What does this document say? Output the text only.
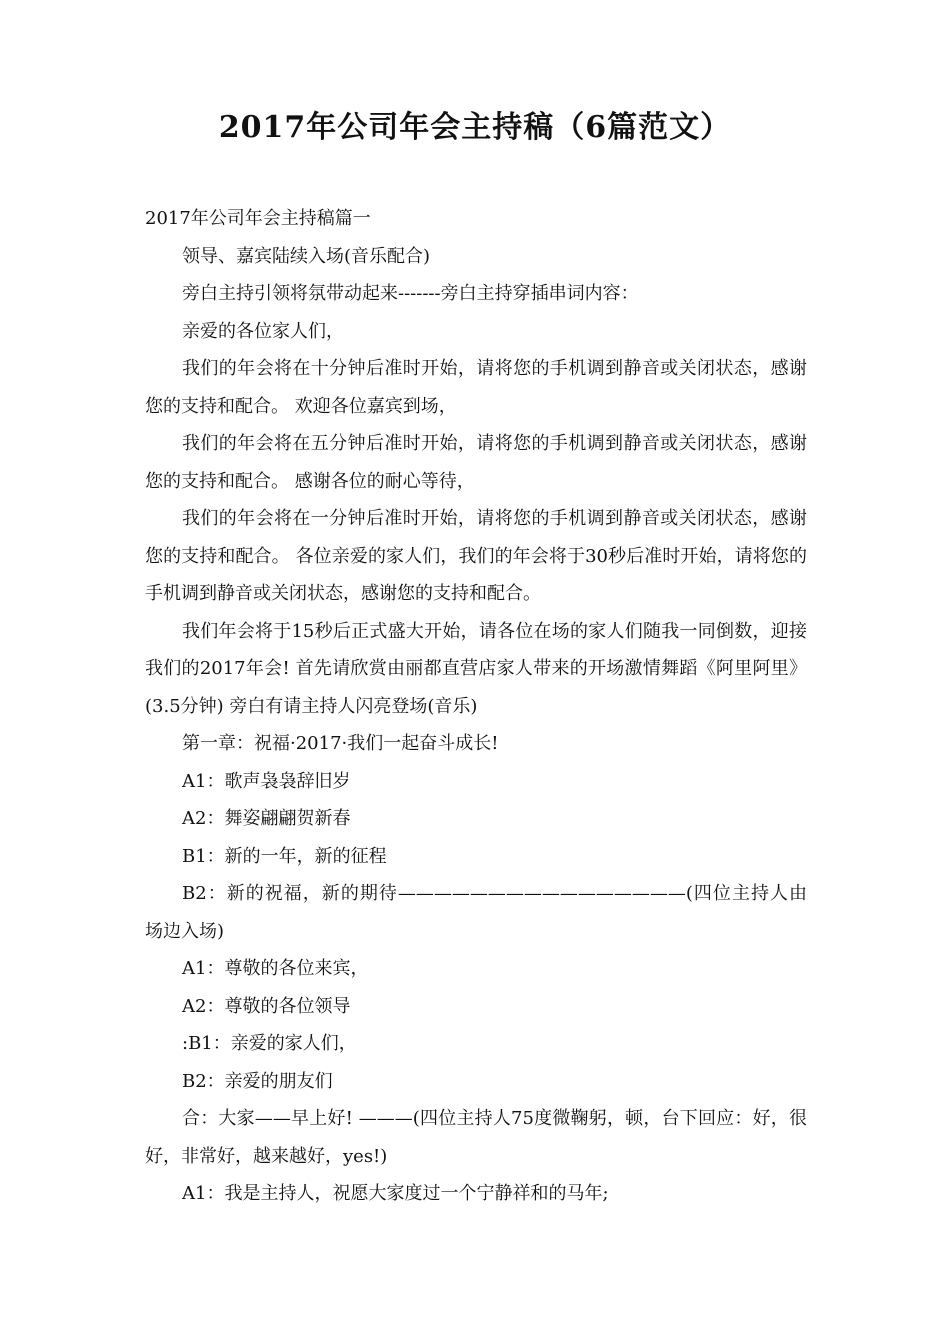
2017年公司年会主持稿（6篇范文）

2017年公司年会主持稿篇一

领导、嘉宾陆续入场(音乐配合)

旁白主持引领将氛带动起来-------旁白主持穿插串词内容：

亲爱的各位家人们，

我们的年会将在十分钟后准时开始，请将您的手机调到静音或关闭状态，感谢您的支持和配合。 欢迎各位嘉宾到场，

我们的年会将在五分钟后准时开始，请将您的手机调到静音或关闭状态，感谢您的支持和配合。 感谢各位的耐心等待，

我们的年会将在一分钟后准时开始，请将您的手机调到静音或关闭状态，感谢您的支持和配合。 各位亲爱的家人们，我们的年会将于30秒后准时开始，请将您的手机调到静音或关闭状态，感谢您的支持和配合。

我们年会将于15秒后正式盛大开始，请各位在场的家人们随我一同倒数，迎接我们的2017年会! 首先请欣赏由丽都直营店家人带来的开场激情舞蹈《阿里阿里》(3.5分钟) 旁白有请主持人闪亮登场(音乐)

第一章：祝福·2017·我们一起奋斗成长!

A1：歌声袅袅辞旧岁

A2：舞姿翩翩贺新春

B1：新的一年，新的征程

B2：新的祝福，新的期待————————————————(四位主持人由场边入场)

A1：尊敬的各位来宾，

A2：尊敬的各位领导

:B1：亲爱的家人们，

B2：亲爱的朋友们

合：大家——早上好! ———(四位主持人75度微鞠躬，顿，台下回应：好，很好，非常好，越来越好，yes!)

A1：我是主持人，祝愿大家度过一个宁静祥和的马年;
